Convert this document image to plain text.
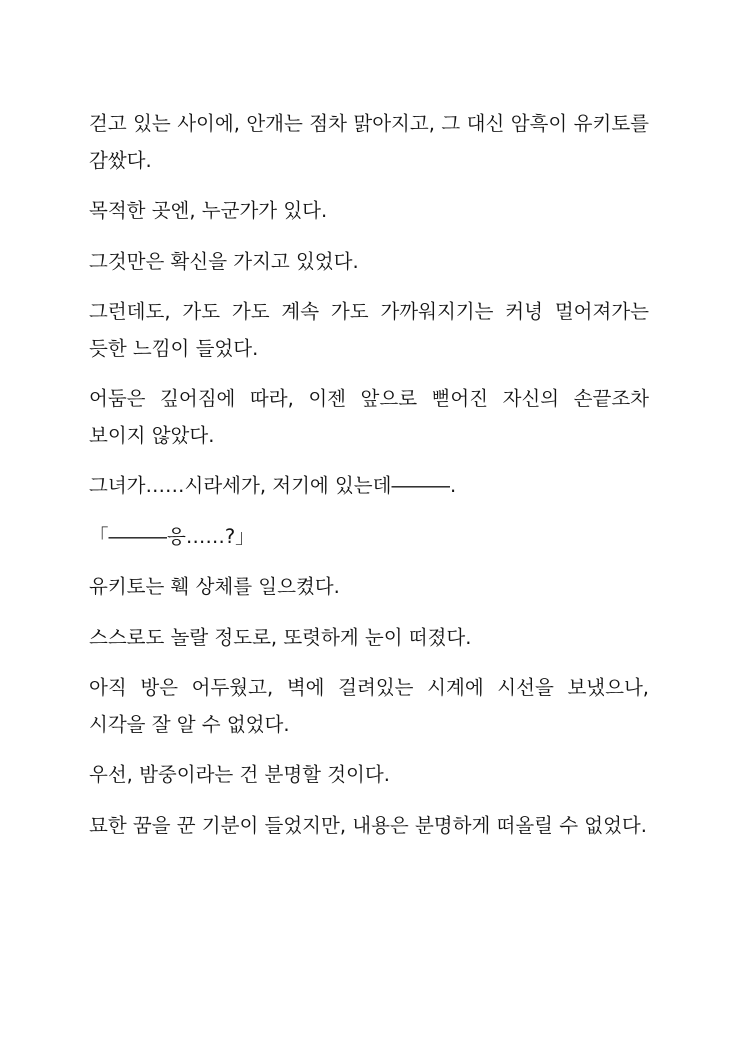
걷고 있는 사이에, 안개는 점차 맑아지고, 그 대신 암흑이 유키토를 감쌌다.

목적한 곳엔, 누군가가 있다.

그것만은 확신을 가지고 있었다.

그런데도, 가도 가도 계속 가도 가까워지기는 커녕 멀어져가는 듯한 느낌이 들었다.

어둠은 깊어짐에 따라, 이젠 앞으로 뻗어진 자신의 손끝조차 보이지 않았다.

그녀가……시라세가, 저기에 있는데―――.

「―――응……?」

유키토는 훽 상체를 일으켰다.

스스로도 놀랄 정도로, 또렷하게 눈이 떠졌다.

아직 방은 어두웠고, 벽에 걸려있는 시계에 시선을 보냈으나, 시각을 잘 알 수 없었다.

우선, 밤중이라는 건 분명할 것이다.

묘한 꿈을 꾼 기분이 들었지만, 내용은 분명하게 떠올릴 수 없었다.
